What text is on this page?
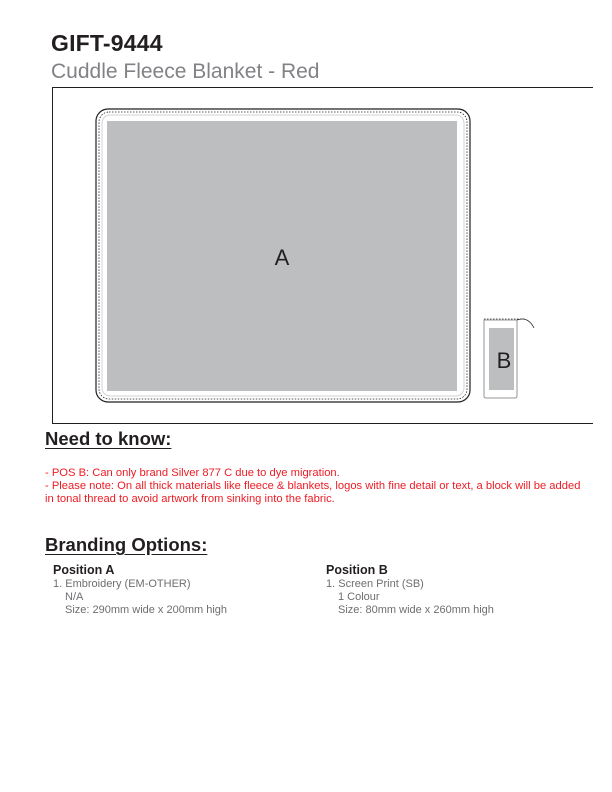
GIFT-9444
Cuddle Fleece Blanket - Red
A
B
Need to know:

- POS B: Can only brand Silver 877 C due to dye migration.

- Please note: On all thick materials like fleece & blankets, logos with fine detail or text, a block will be added in tonal thread to avoid artwork from sinking into the fabric.

Branding Options:
Position A
1. Embroidery (EM-OTHER)
N/A
Size: 290mm wide x 200mm high
Position B
1. Screen Print (SB)
1 Colour
Size: 80mm wide x 260mm high
